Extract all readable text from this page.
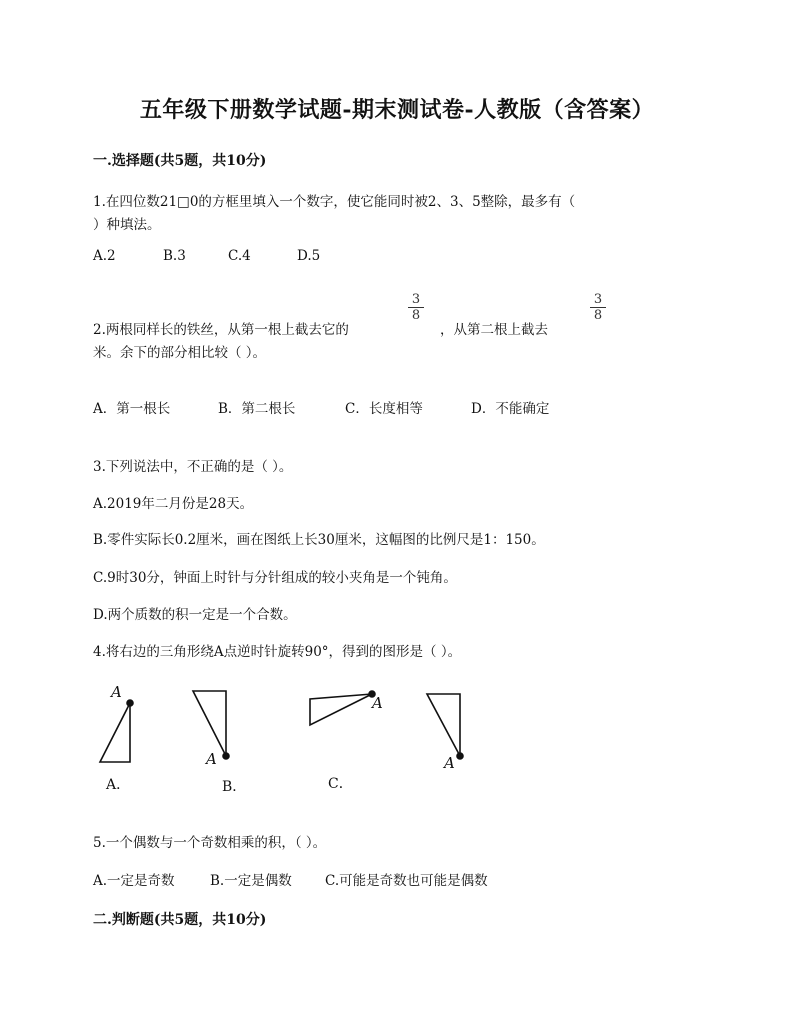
五年级下册数学试题-期末测试卷-人教版（含答案）
一.选择题(共5题，共10分)
1.在四位数21□0的方框里填入一个数字，使它能同时被2、3、5整除，最多有（
）种填法。
A.2	B.3	C.4	D.5
2.两根同样长的铁丝，从第一根上截去它的
$\frac{3}{8}$
，从第二根上截去
$\frac{3}{8}$
米。余下的部分相比较（ ）。
A．第一根长	B．第二根长	C．长度相等	D．不能确定
3.下列说法中，不正确的是（ ）。
A.2019年二月份是28天。
B.零件实际长0.2厘米，画在图纸上长30厘米，这幅图的比例尺是1：150。
C.9时30分，钟面上时针与分针组成的较小夹角是一个钝角。
D.两个质数的积一定是一个合数。
4.将右边的三角形绕A点逆时针旋转90°，得到的图形是（ ）。
A
A
A
A
A．	B．	C．
5.一个偶数与一个奇数相乘的积，（ ）。
A.一定是奇数	B.一定是偶数 C.可能是奇数也可能是偶数
二.判断题(共5题，共10分)
